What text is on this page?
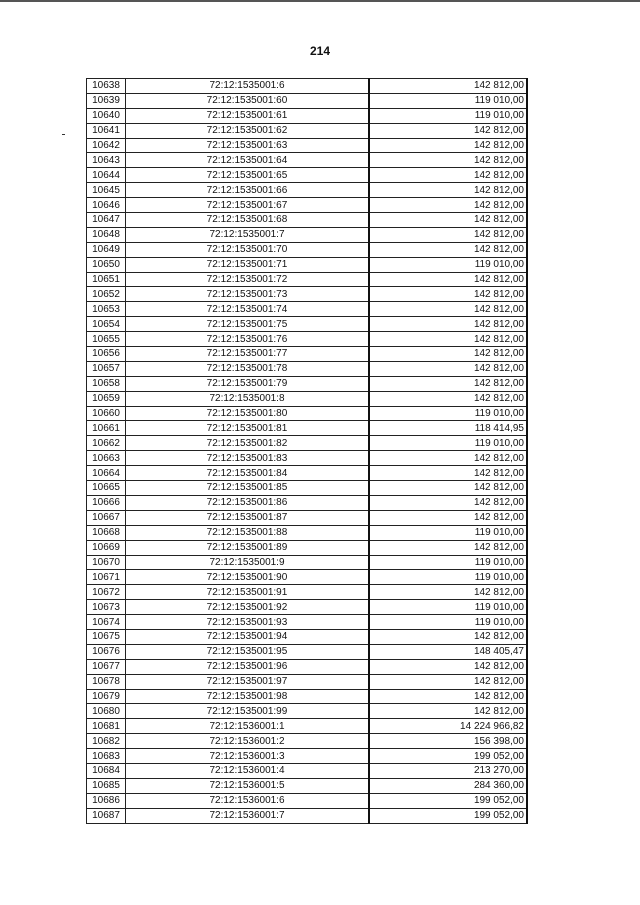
214
10638	72:12:1535001:6	142 812,00
10639	72:12:1535001:60	119 010,00
10640	72:12:1535001:61	119 010,00
10641	72:12:1535001:62	142 812,00
10642	72:12:1535001:63	142 812,00
10643	72:12:1535001:64	142 812,00
10644	72:12:1535001:65	142 812,00
10645	72:12:1535001:66	142 812,00
10646	72:12:1535001:67	142 812,00
10647	72:12:1535001:68	142 812,00
10648	72:12:1535001:7	142 812,00
10649	72:12:1535001:70	142 812,00
10650	72:12:1535001:71	119 010,00
10651	72:12:1535001:72	142 812,00
10652	72:12:1535001:73	142 812,00
10653	72:12:1535001:74	142 812,00
10654	72:12:1535001:75	142 812,00
10655	72:12:1535001:76	142 812,00
10656	72:12:1535001:77	142 812,00
10657	72:12:1535001:78	142 812,00
10658	72:12:1535001:79	142 812,00
10659	72:12:1535001:8	142 812,00
10660	72:12:1535001:80	119 010,00
10661	72:12:1535001:81	118 414,95
10662	72:12:1535001:82	119 010,00
10663	72:12:1535001:83	142 812,00
10664	72:12:1535001:84	142 812,00
10665	72:12:1535001:85	142 812,00
10666	72:12:1535001:86	142 812,00
10667	72:12:1535001:87	142 812,00
10668	72:12:1535001:88	119 010,00
10669	72:12:1535001:89	142 812,00
10670	72:12:1535001:9	119 010,00
10671	72:12:1535001:90	119 010,00
10672	72:12:1535001:91	142 812,00
10673	72:12:1535001:92	119 010,00
10674	72:12:1535001:93	119 010,00
10675	72:12:1535001:94	142 812,00
10676	72:12:1535001:95	148 405,47
10677	72:12:1535001:96	142 812,00
10678	72:12:1535001:97	142 812,00
10679	72:12:1535001:98	142 812,00
10680	72:12:1535001:99	142 812,00
10681	72:12:1536001:1	14 224 966,82
10682	72:12:1536001:2	156 398,00
10683	72:12:1536001:3	199 052,00
10684	72:12:1536001:4	213 270,00
10685	72:12:1536001:5	284 360,00
10686	72:12:1536001:6	199 052,00
10687	72:12:1536001:7	199 052,00
